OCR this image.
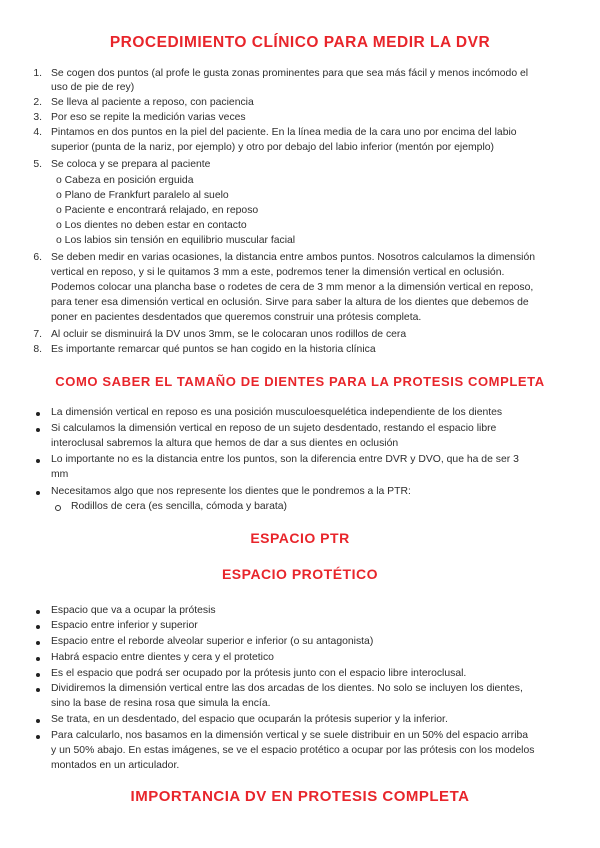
PROCEDIMIENTO CLÍNICO PARA MEDIR LA DVR
1. Se cogen dos puntos (al profe le gusta zonas prominentes para que sea más fácil y menos incómodo el
uso de pie de rey)
2. Se lleva al paciente a reposo, con paciencia
3. Por eso se repite la medición varias veces
4. Pintamos en dos puntos en la piel del paciente. En la línea media de la cara uno por encima del labio
superior (punta de la nariz, por ejemplo) y otro por debajo del labio inferior (mentón por ejemplo)
5. Se coloca y se prepara al paciente
o Cabeza en posición erguida
o Plano de Frankfurt paralelo al suelo
o Paciente e encontrará relajado, en reposo
o Los dientes no deben estar en contacto
o Los labios sin tensión en equilibrio muscular facial
6. Se deben medir en varias ocasiones, la distancia entre ambos puntos. Nosotros calculamos la dimensión
vertical en reposo, y si le quitamos 3 mm a este, podremos tener la dimensión vertical en oclusión.
Podemos colocar una plancha base o rodetes de cera de 3 mm menor a la dimensión vertical en reposo,
para tener esa dimensión vertical en oclusión. Sirve para saber la altura de los dientes que debemos de
poner en pacientes desdentados que queremos construir una prótesis completa.
7. Al ocluir se disminuirá la DV unos 3mm, se le colocaran unos rodillos de cera
8. Es importante remarcar qué puntos se han cogido en la historia clínica
COMO SABER EL TAMAÑO DE DIENTES PARA LA PROTESIS COMPLETA
La dimensión vertical en reposo es una posición musculoesquelética independiente de los dientes
Si calculamos la dimensión vertical en reposo de un sujeto desdentado, restando el espacio libre
interoclusal sabremos la altura que hemos de dar a sus dientes en oclusión
Lo importante no es la distancia entre los puntos, son la diferencia entre DVR y DVO, que ha de ser 3
mm
Necesitamos algo que nos represente los dientes que le pondremos a la PTR:
Rodillos de cera (es sencilla, cómoda y barata)
ESPACIO PTR
ESPACIO PROTÉTICO
Espacio que va a ocupar la prótesis
Espacio entre inferior y superior
Espacio entre el reborde alveolar superior e inferior (o su antagonista)
Habrá espacio entre dientes y cera y el protetico
Es el espacio que podrá ser ocupado por la prótesis junto con el espacio libre interoclusal.
Dividiremos la dimensión vertical entre las dos arcadas de los dientes. No solo se incluyen los dientes,
sino la base de resina rosa que simula la encía.
Se trata, en un desdentado, del espacio que ocuparán la prótesis superior y la inferior.
Para calcularlo, nos basamos en la dimensión vertical y se suele distribuir en un 50% del espacio arriba
y un 50% abajo. En estas imágenes, se ve el espacio protético a ocupar por las prótesis con los modelos
montados en un articulador.
IMPORTANCIA DV EN PROTESIS COMPLETA
